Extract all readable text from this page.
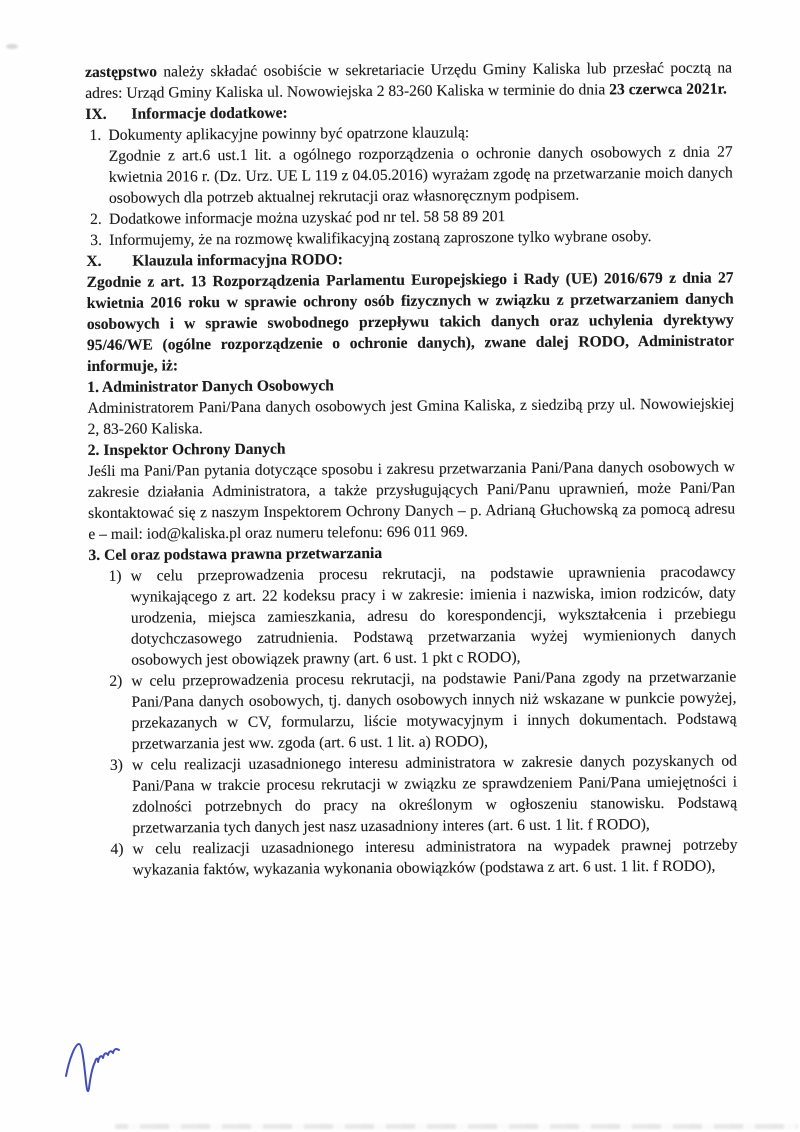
zastępstwo należy składać osobiście w sekretariacie Urzędu Gminy Kaliska lub przesłać pocztą na adres: Urząd Gminy Kaliska ul. Nowowiejska 2 83-260 Kaliska w terminie do dnia 23 czerwca 2021r.

IX. Informacje dodatkowe:

1. Dokumenty aplikacyjne powinny być opatrzone klauzulą:

Zgodnie z art.6 ust.1 lit. a ogólnego rozporządzenia o ochronie danych osobowych z dnia 27 kwietnia 2016 r. (Dz. Urz. UE L 119 z 04.05.2016) wyrażam zgodę na przetwarzanie moich danych osobowych dla potrzeb aktualnej rekrutacji oraz własnoręcznym podpisem.

2. Dodatkowe informacje można uzyskać pod nr tel. 58 58 89 201

3. Informujemy, że na rozmowę kwalifikacyjną zostaną zaproszone tylko wybrane osoby.

X. Klauzula informacyjna RODO:

Zgodnie z art. 13 Rozporządzenia Parlamentu Europejskiego i Rady (UE) 2016/679 z dnia 27 kwietnia 2016 roku w sprawie ochrony osób fizycznych w związku z przetwarzaniem danych osobowych i w sprawie swobodnego przepływu takich danych oraz uchylenia dyrektywy 95/46/WE (ogólne rozporządzenie o ochronie danych), zwane dalej RODO, Administrator informuje, iż:

1. Administrator Danych Osobowych

Administratorem Pani/Pana danych osobowych jest Gmina Kaliska, z siedzibą przy ul. Nowowiejskiej 2, 83-260 Kaliska.

2. Inspektor Ochrony Danych

Jeśli ma Pani/Pan pytania dotyczące sposobu i zakresu przetwarzania Pani/Pana danych osobowych w zakresie działania Administratora, a także przysługujących Pani/Panu uprawnień, może Pani/Pan skontaktować się z naszym Inspektorem Ochrony Danych – p. Adrianą Głuchowską za pomocą adresu e – mail: iod@kaliska.pl oraz numeru telefonu: 696 011 969.

3. Cel oraz podstawa prawna przetwarzania

1) w celu przeprowadzenia procesu rekrutacji, na podstawie uprawnienia pracodawcy wynikającego z art. 22 kodeksu pracy i w zakresie: imienia i nazwiska, imion rodziców, daty urodzenia, miejsca zamieszkania, adresu do korespondencji, wykształcenia i przebiegu dotychczasowego zatrudnienia. Podstawą przetwarzania wyżej wymienionych danych osobowych jest obowiązek prawny (art. 6 ust. 1 pkt c RODO),
2) w celu przeprowadzenia procesu rekrutacji, na podstawie Pani/Pana zgody na przetwarzanie Pani/Pana danych osobowych, tj. danych osobowych innych niż wskazane w punkcie powyżej, przekazanych w CV, formularzu, liście motywacyjnym i innych dokumentach. Podstawą przetwarzania jest ww. zgoda (art. 6 ust. 1 lit. a) RODO),
3) w celu realizacji uzasadnionego interesu administratora w zakresie danych pozyskanych od Pani/Pana w trakcie procesu rekrutacji w związku ze sprawdzeniem Pani/Pana umiejętności i zdolności potrzebnych do pracy na określonym w ogłoszeniu stanowisku. Podstawą przetwarzania tych danych jest nasz uzasadniony interes (art. 6 ust. 1 lit. f RODO),
4) w celu realizacji uzasadnionego interesu administratora na wypadek prawnej potrzeby wykazania faktów, wykazania wykonania obowiązków (podstawa z art. 6 ust. 1 lit. f RODO),
